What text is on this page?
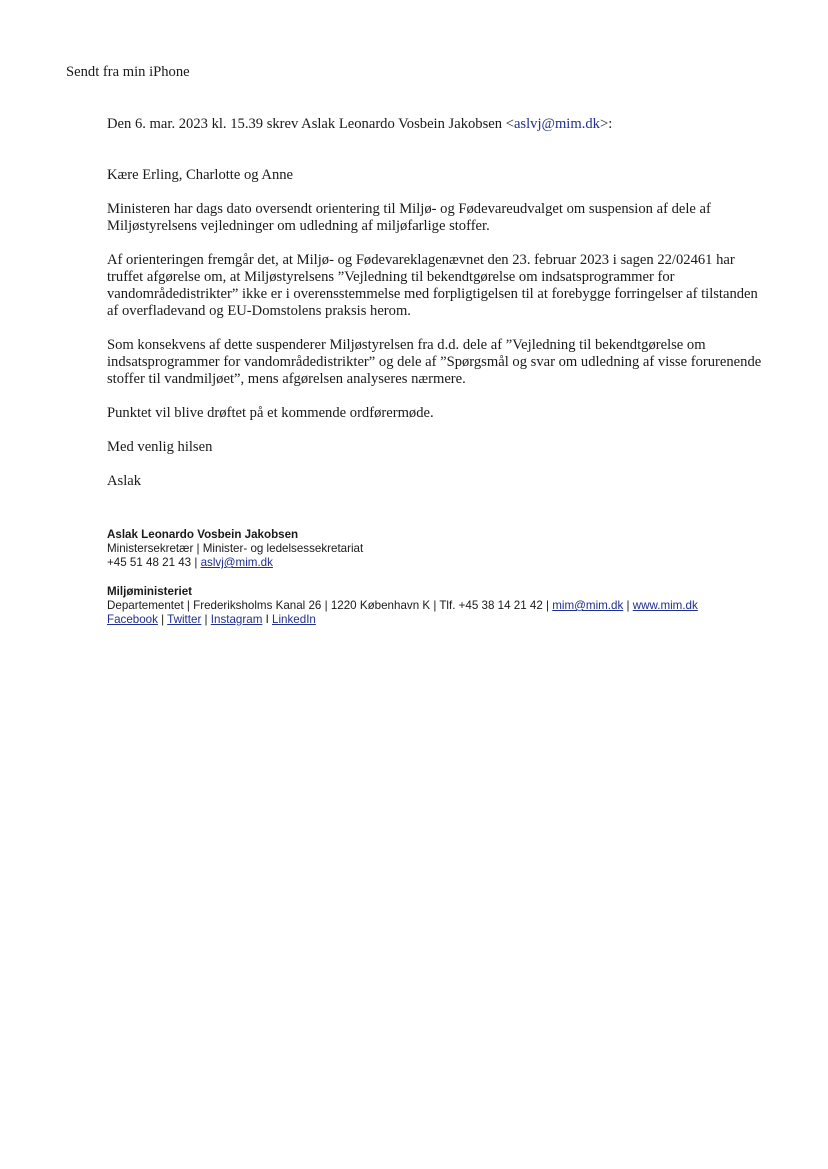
Sendt fra min iPhone

Den 6. mar. 2023 kl. 15.39 skrev Aslak Leonardo Vosbein Jakobsen <aslvj@mim.dk>:

Kære Erling, Charlotte og Anne

Ministeren har dags dato oversendt orientering til Miljø- og Fødevareudvalget om suspension af dele af Miljøstyrelsens vejledninger om udledning af miljøfarlige stoffer.

Af orienteringen fremgår det, at Miljø- og Fødevareklagenævnet den 23. februar 2023 i sagen 22/02461 har truffet afgørelse om, at Miljøstyrelsens ”Vejledning til bekendtgørelse om indsatsprogrammer for vandområdedistrikter” ikke er i overensstemmelse med forpligtigelsen til at forebygge forringelser af tilstanden af overfladevand og EU-Domstolens praksis herom.

Som konsekvens af dette suspenderer Miljøstyrelsen fra d.d. dele af ”Vejledning til bekendtgørelse om indsatsprogrammer for vandområdedistrikter” og dele af ”Spørgsmål og svar om udledning af visse forurenende stoffer til vandmiljøet”, mens afgørelsen analyseres nærmere.

Punktet vil blive drøftet på et kommende ordførermøde.

Med venlig hilsen

Aslak

Aslak Leonardo Vosbein Jakobsen
Ministersekretær | Minister- og ledelsessekretariat
+45 51 48 21 43 | aslvj@mim.dk
Miljøministeriet
Departementet | Frederiksholms Kanal 26 | 1220 København K | Tlf. +45 38 14 21 42 | mim@mim.dk | www.mim.dk
Facebook | Twitter | Instagram I LinkedIn
